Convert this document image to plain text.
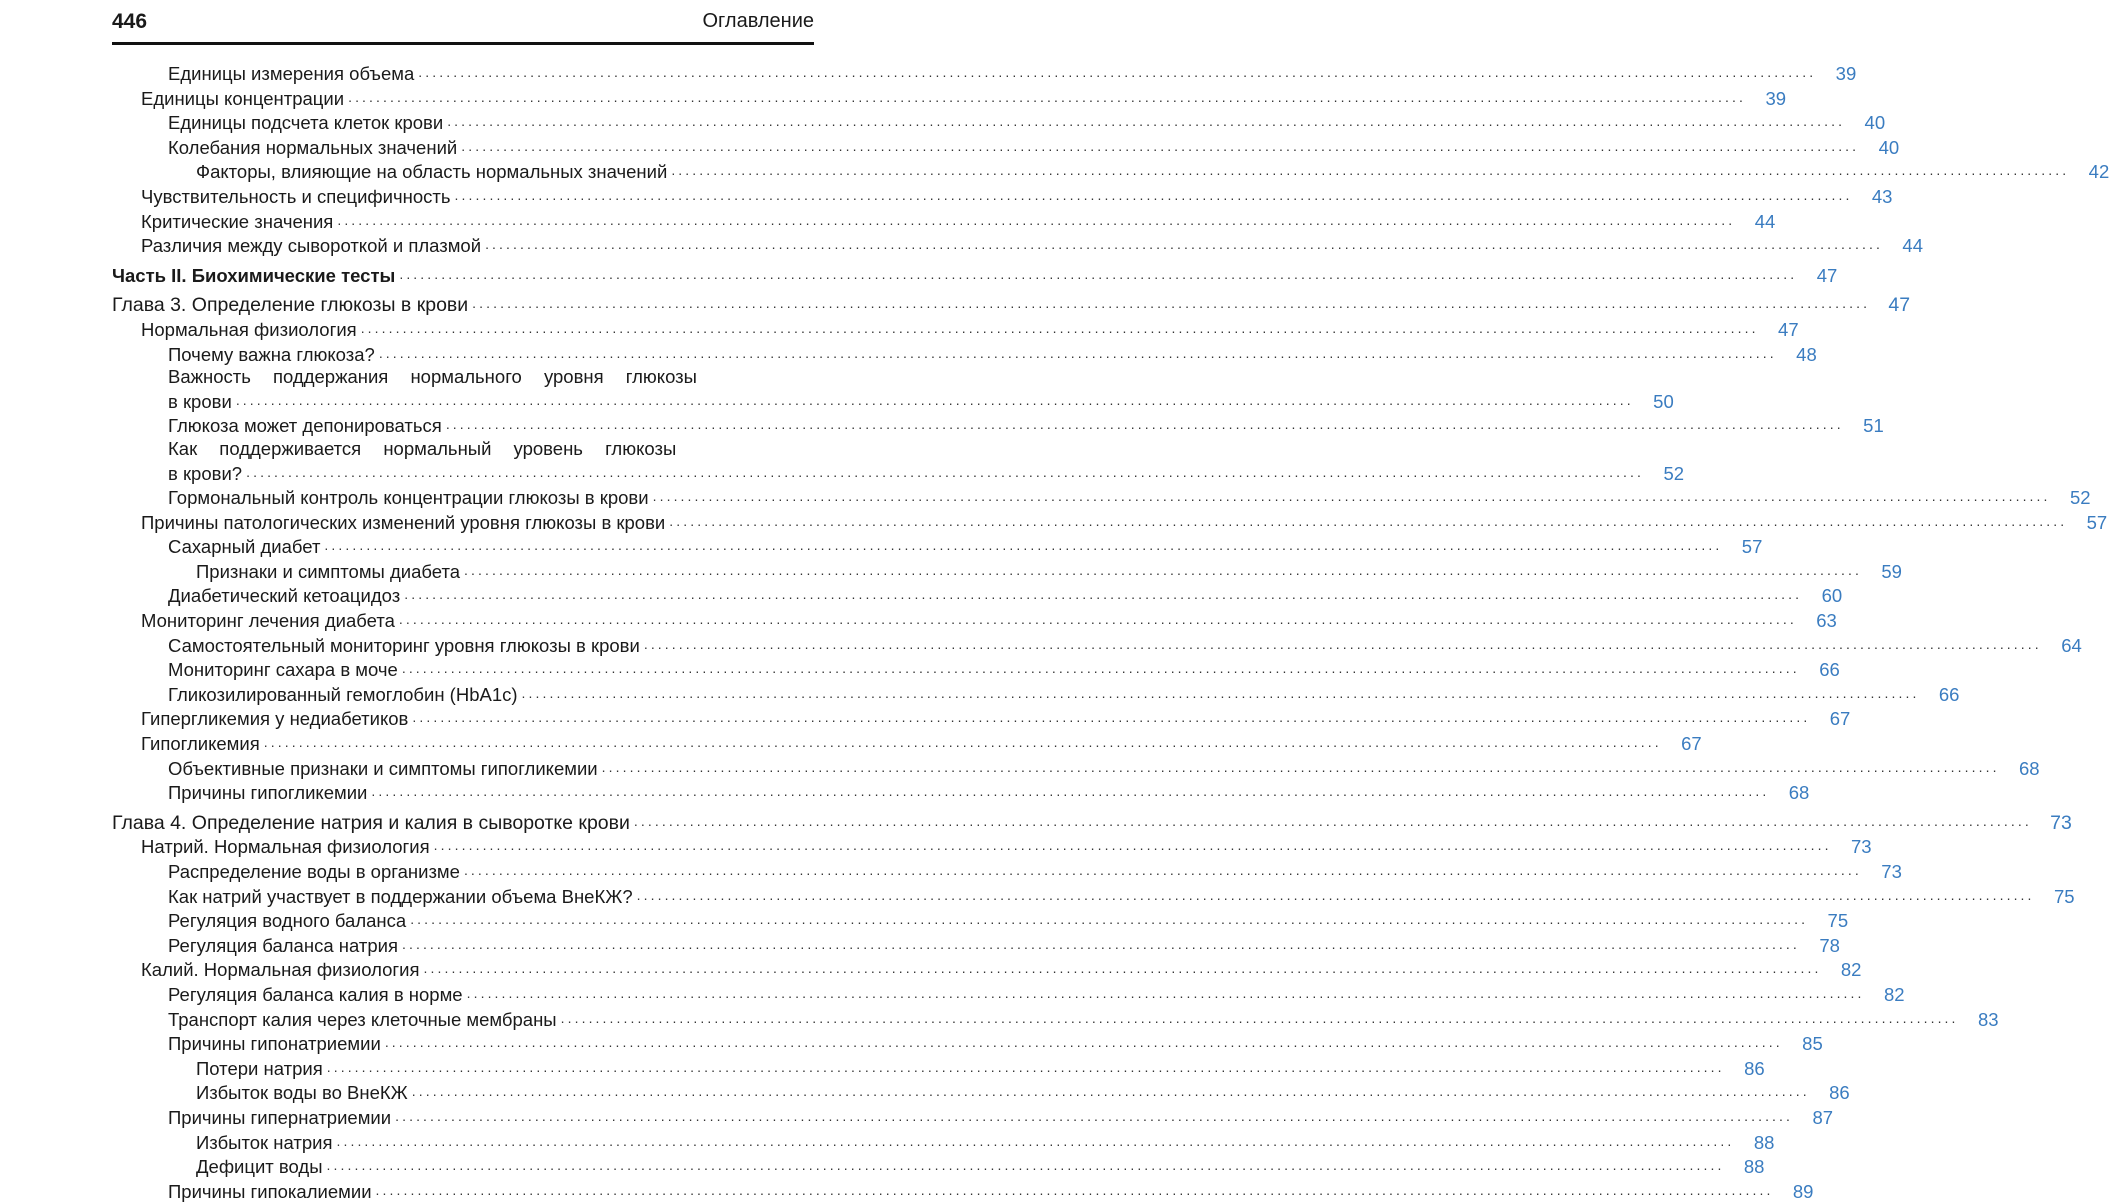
446	Оглавление
Единицы измерения объема ........................................................................................................................................................................................................	39
Единицы концентрации ........................................................................................................................................................................................................	39
Единицы подсчета клеток крови ........................................................................................................................................................................................................	40
Колебания нормальных значений ........................................................................................................................................................................................................	40
Факторы, влияющие на область нормальных значений ........................................................................................................................................................................................................	42
Чувствительность и специфичность ........................................................................................................................................................................................................	43
Критические значения ........................................................................................................................................................................................................	44
Различия между сывороткой и плазмой ........................................................................................................................................................................................................	44
Часть II. Биохимические тесты ........................................................................................................................................................................................................	47
Глава 3. Определение глюкозы в крови ........................................................................................................................................................................................................ 47
Нормальная физиология ........................................................................................................................................................................................................	47
Почему важна глюкоза? ........................................................................................................................................................................................................	48
Важность поддержания нормального уровня глюкозы
в крови ........................................................................................................................................................................................................	50
Глюкоза может депонироваться ........................................................................................................................................................................................................	51
Как поддерживается нормальный уровень глюкозы
в крови? ........................................................................................................................................................................................................	52
Гормональный контроль концентрации глюкозы в крови ........................................................................................................................................................................................................	52
Причины патологических изменений уровня глюкозы в крови ........................................................................................................................................................................................................	57
Сахарный диабет ........................................................................................................................................................................................................	57
Признаки и симптомы диабета ........................................................................................................................................................................................................	59
Диабетический кетоацидоз ........................................................................................................................................................................................................	60
Мониторинг лечения диабета ........................................................................................................................................................................................................	63
Самостоятельный мониторинг уровня глюкозы в крови ........................................................................................................................................................................................................	64
Мониторинг сахара в моче ........................................................................................................................................................................................................	66
Гликозилированный гемоглобин (HbA1c) ........................................................................................................................................................................................................	66
Гипергликемия у недиабетиков ........................................................................................................................................................................................................	67
Гипогликемия ........................................................................................................................................................................................................	67
Объективные признаки и симптомы гипогликемии ........................................................................................................................................................................................................	68
Причины гипогликемии ........................................................................................................................................................................................................	68
Глава 4. Определение натрия и калия в сыворотке крови ........................................................................................................................................................................................................ 73
Натрий. Нормальная физиология ........................................................................................................................................................................................................	73
Распределение воды в организме ........................................................................................................................................................................................................	73
Как натрий участвует в поддержании объема ВнеКЖ? ........................................................................................................................................................................................................	75
Регуляция водного баланса ........................................................................................................................................................................................................	75
Регуляция баланса натрия ........................................................................................................................................................................................................	78
Калий. Нормальная физиология ........................................................................................................................................................................................................	82
Регуляция баланса калия в норме ........................................................................................................................................................................................................	82
Транспорт калия через клеточные мембраны ........................................................................................................................................................................................................	83
Причины гипонатриемии ........................................................................................................................................................................................................	85
Потери натрия ........................................................................................................................................................................................................	86
Избыток воды во ВнеКЖ ........................................................................................................................................................................................................	86
Причины гипернатриемии ........................................................................................................................................................................................................	87
Избыток натрия ........................................................................................................................................................................................................	88
Дефицит воды ........................................................................................................................................................................................................	88
Причины гипокалиемии ........................................................................................................................................................................................................	89
